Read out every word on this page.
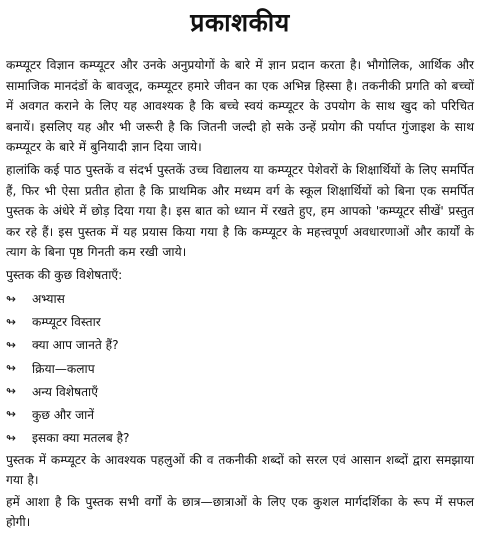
प्रकाशकीय

कम्प्यूटर विज्ञान कम्प्यूटर और उनके अनुप्रयोगों के बारे में ज्ञान प्रदान करता है। भौगोलिक, आर्थिक और सामाजिक मानदंडों के बावजूद, कम्प्यूटर हमारे जीवन का एक अभिन्न हिस्सा है। तकनीकी प्रगति को बच्चों में अवगत कराने के लिए यह आवश्यक है कि बच्चे स्वयं कम्प्यूटर के उपयोग के साथ खुद को परिचित बनायें। इसलिए यह और भी जरूरी है कि जितनी जल्दी हो सके उन्हें प्रयोग की पर्याप्त गुंजाइश के साथ कम्प्यूटर के बारे में बुनियादी ज्ञान दिया जाये।

हालांकि कई पाठ पुस्तकें व संदर्भ पुस्तकें उच्च विद्यालय या कम्प्यूटर पेशेवरों के शिक्षार्थियों के लिए समर्पित हैं, फिर भी ऐसा प्रतीत होता है कि प्राथमिक और मध्यम वर्ग के स्कूल शिक्षार्थियों को बिना एक समर्पित पुस्तक के अंधेरे में छोड़ दिया गया है। इस बात को ध्यान में रखते हुए, हम आपको 'कम्प्यूटर सीखें' प्रस्तुत कर रहे हैं। इस पुस्तक में यह प्रयास किया गया है कि कम्प्यूटर के महत्त्वपूर्ण अवधारणाओं और कार्यों के त्याग के बिना पृष्ठ गिनती कम रखी जाये।

पुस्तक की कुछ विशेषताएँ:
↬	अभ्यास
↬	कम्प्यूटर विस्तार
↬	क्या आप जानते हैं?
↬	क्रिया—कलाप
↬	अन्य विशेषताएँ
↬	कुछ और जानें
↬	इसका क्या मतलब है?

पुस्तक में कम्प्यूटर के आवश्यक पहलुओं की व तकनीकी शब्दों को सरल एवं आसान शब्दों द्वारा समझाया गया है।

हमें आशा है कि पुस्तक सभी वर्गों के छात्र—छात्राओं के लिए एक कुशल मार्गदर्शिका के रूप में सफल होगी।
